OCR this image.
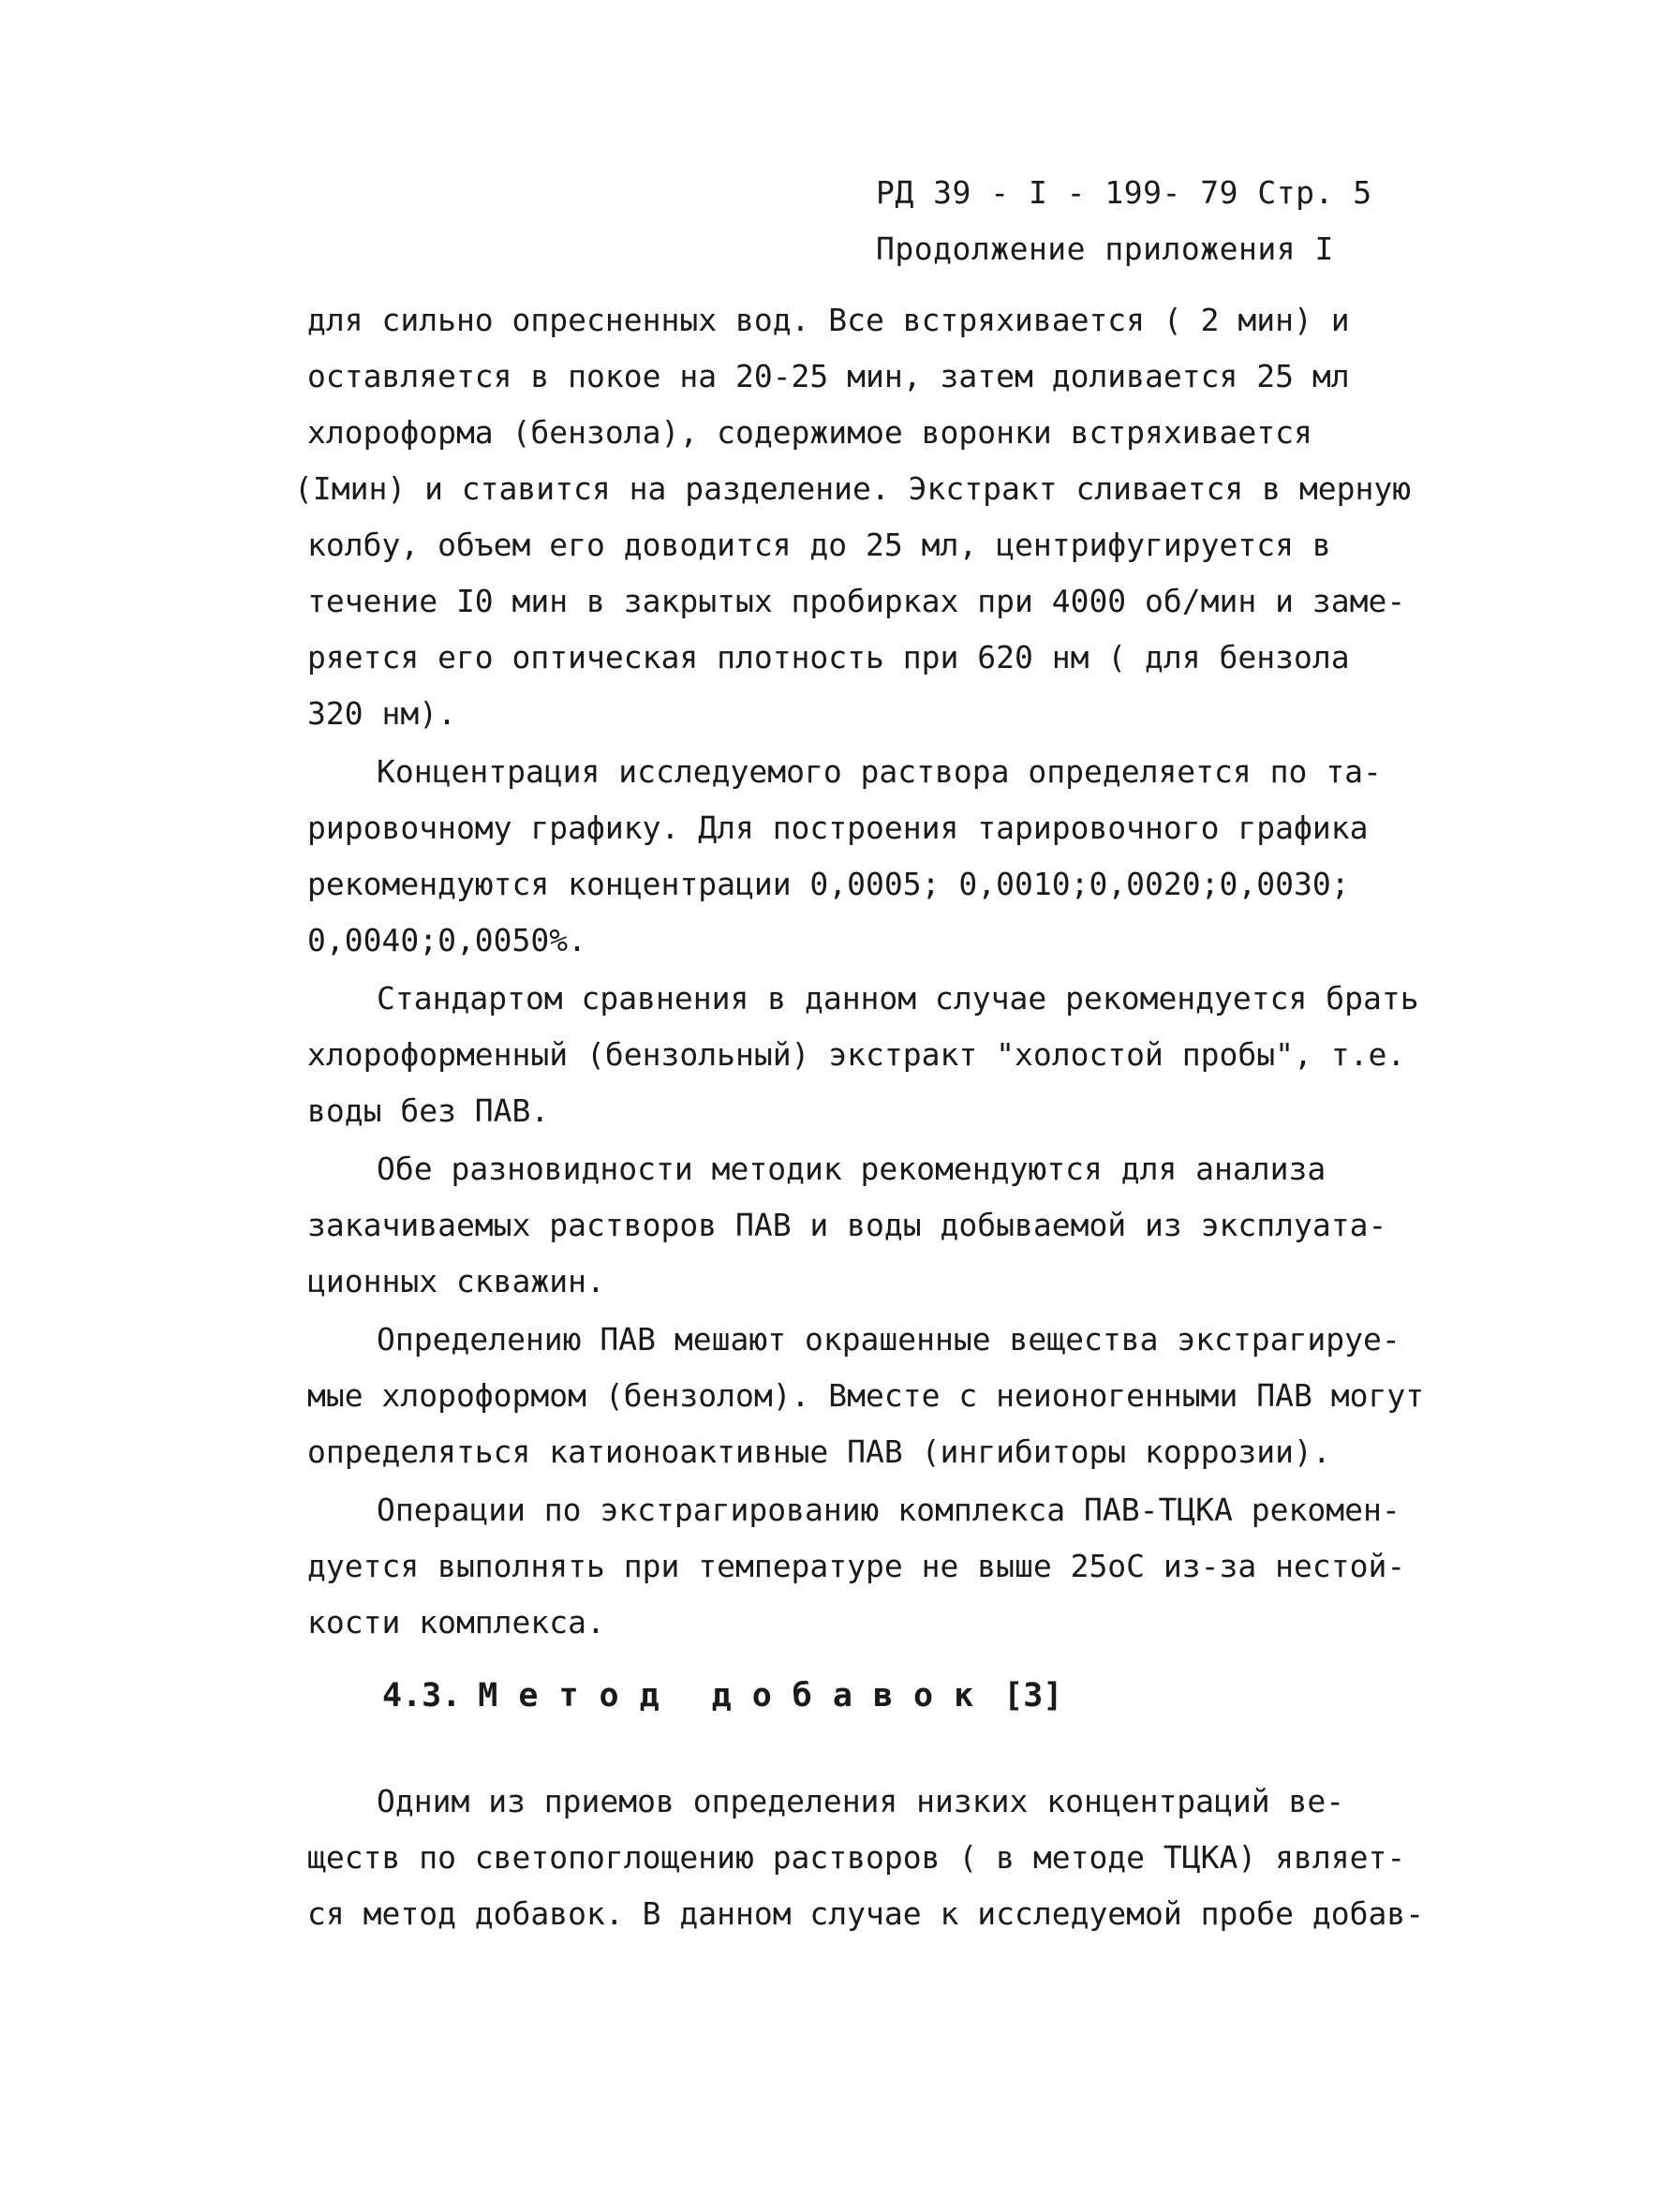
РД 39 - I - 199- 79 Стр. 5
Продолжение приложения I
для сильно опресненных вод. Все встряхивается ( 2 мин) и
оставляется в покое на 20-25 мин, затем доливается 25 мл
хлороформа (бензола), содержимое воронки встряхивается
(Iмин) и ставится на разделение. Экстракт сливается в мерную
колбу, объем его доводится до 25 мл, центрифугируется в
течение I0 мин в закрытых пробирках при 4000 об/мин и заме-
ряется его оптическая плотность при 620 нм ( для бензола
320 нм).
Концентрация исследуемого раствора определяется по та-
рировочному графику. Для построения тарировочного графика
рекомендуются концентрации 0,0005; 0,0010;0,0020;0,0030;
0,0040;0,0050%.
Стандартом сравнения в данном случае рекомендуется брать
хлороформенный (бензольный) экстракт "холостой пробы", т.е.
воды без ПАВ.
Обе разновидности методик рекомендуются для анализа
закачиваемых растворов ПАВ и воды добываемой из эксплуата-
ционных скважин.
Определению ПАВ мешают окрашенные вещества экстрагируе-
мые хлороформом (бензолом). Вместе с неионогенными ПАВ могут
определяться катионоактивные ПАВ (ингибиторы коррозии).
Операции по экстрагированию комплекса ПАВ-ТЦКА рекомен-
дуется выполнять при температуре не выше 25оС из-за нестой-
кости комплекса.
4.3. Метод добавок [3]
Одним из приемов определения низких концентраций ве-
ществ по светопоглощению растворов ( в методе ТЦКА) являет-
ся метод добавок. В данном случае к исследуемой пробе добав-
